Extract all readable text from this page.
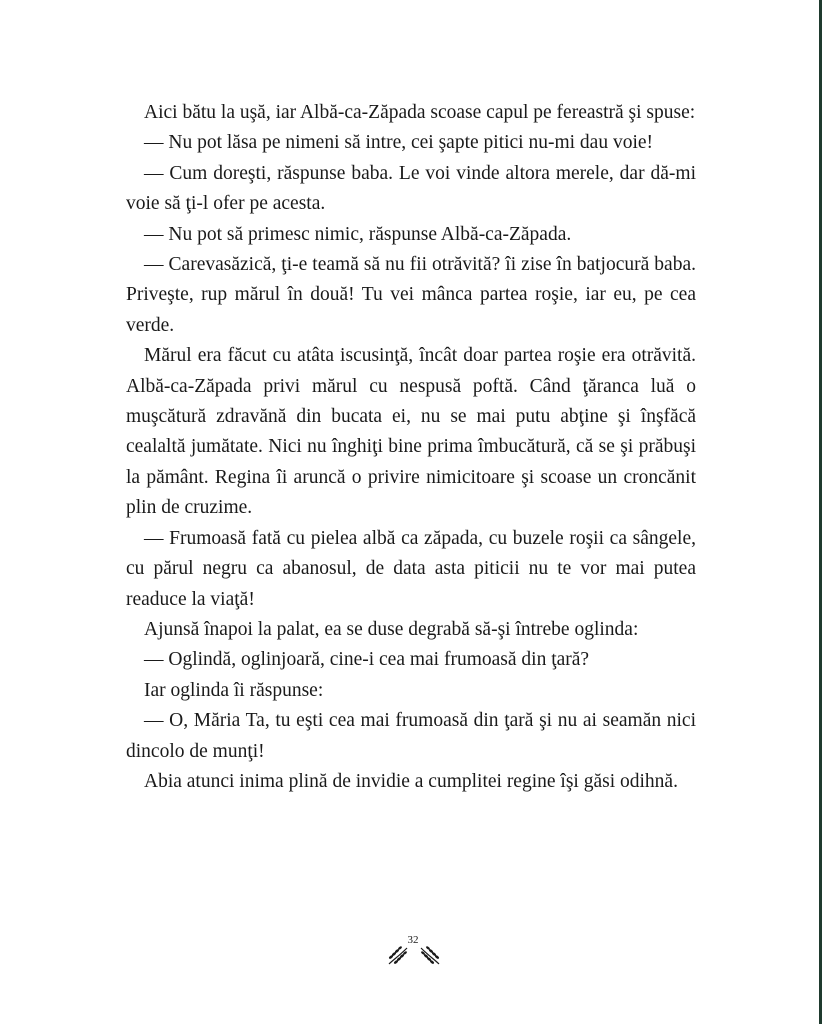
Aici bătu la uşă, iar Albă-ca-Zăpada scoase capul pe fereastră şi spuse:

— Nu pot lăsa pe nimeni să intre, cei şapte pitici nu-mi dau voie!

— Cum doreşti, răspunse baba. Le voi vinde altora merele, dar dă-mi voie să ţi-l ofer pe acesta.

— Nu pot să primesc nimic, răspunse Albă-ca-Zăpada.

— Carevasăzică, ţi-e teamă să nu fii otrăvită? îi zise în batjocură baba. Priveşte, rup mărul în două! Tu vei mânca partea roşie, iar eu, pe cea verde.

Mărul era făcut cu atâta iscusinţă, încât doar partea roşie era otrăvită. Albă-ca-Zăpada privi mărul cu nespusă poftă. Când ţăranca luă o muşcătură zdravănă din bucata ei, nu se mai putu abţine şi înşfăcă cealaltă jumătate. Nici nu înghiţi bine prima îmbucătură, că se şi prăbuşi la pământ. Regina îi aruncă o privire nimicitoare şi scoase un croncănit plin de cruzime.

— Frumoasă fată cu pielea albă ca zăpada, cu buzele roşii ca sângele, cu părul negru ca abanosul, de data asta piticii nu te vor mai putea readuce la viaţă!

Ajunsă înapoi la palat, ea se duse degrabă să-şi întrebe oglinda:

— Oglindă, oglinjoară, cine-i cea mai frumoasă din ţară?

Iar oglinda îi răspunse:

— O, Măria Ta, tu eşti cea mai frumoasă din ţară şi nu ai seamăn nici dincolo de munţi!

Abia atunci inima plină de invidie a cumplitei regine îşi găsi odihnă.

32
